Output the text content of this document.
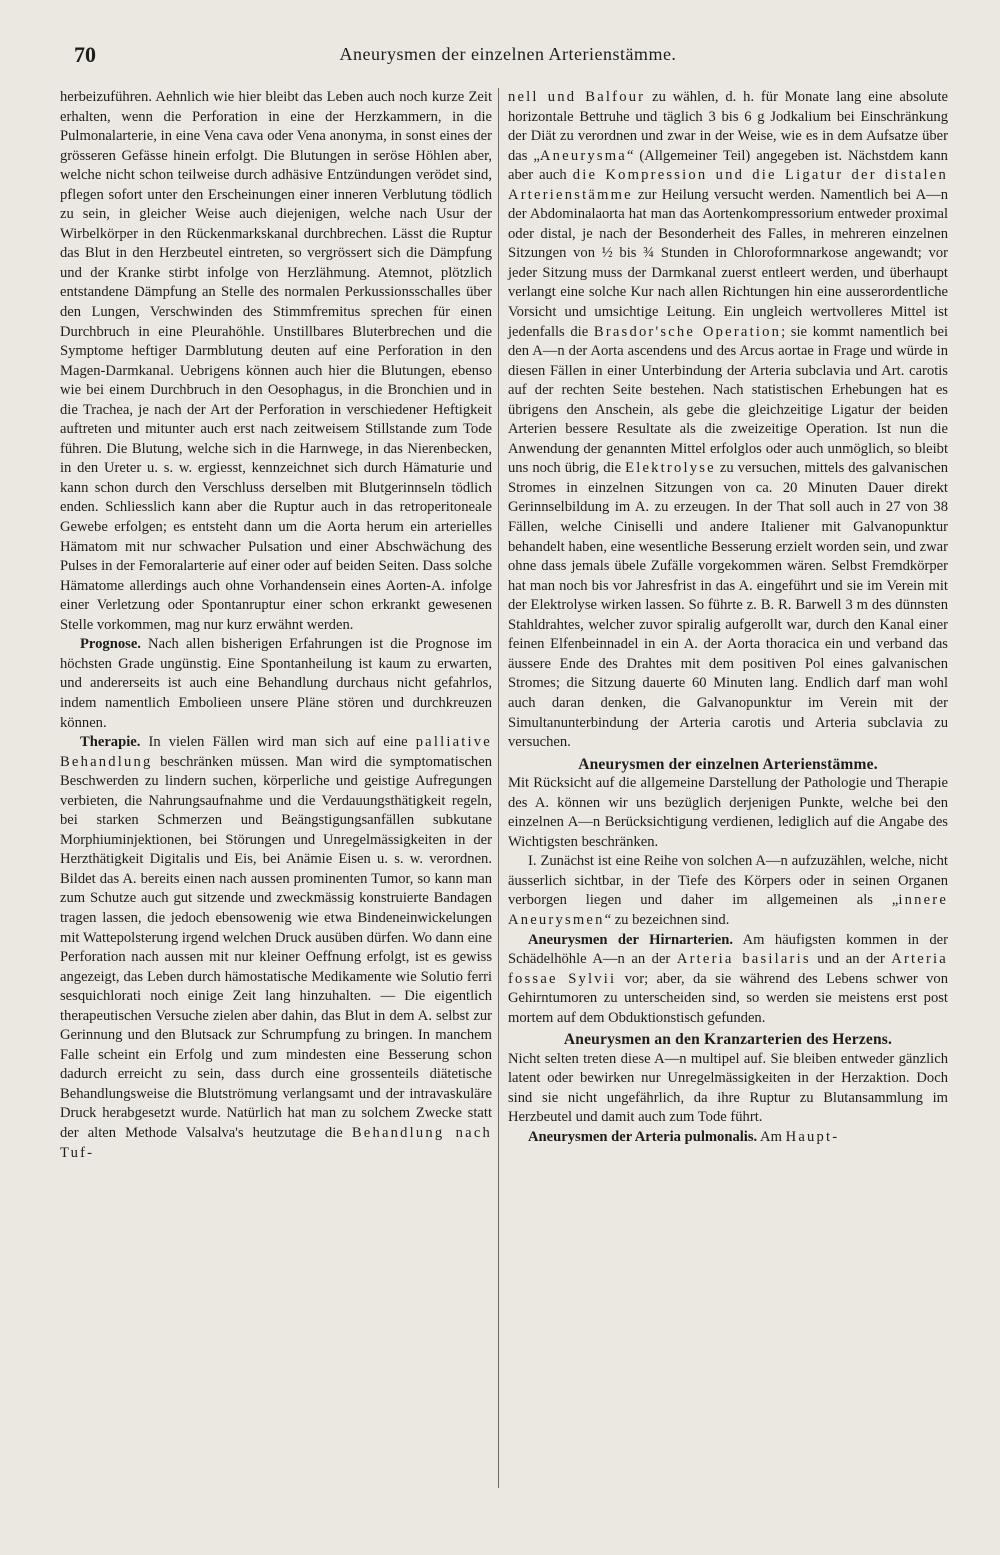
70	Aneurysmen der einzelnen Arterienstämme.

herbeizuführen. Aehnlich wie hier bleibt das Leben auch noch kurze Zeit erhalten, wenn die Perforation in eine der Herzkammern, in die Pulmonalarterie, in eine Vena cava oder Vena anonyma, in sonst eines der grösseren Gefässe hinein erfolgt. Die Blutungen in seröse Höhlen aber, welche nicht schon teilweise durch adhäsive Entzündungen verödet sind, pflegen sofort unter den Erscheinungen einer inneren Verblutung tödlich zu sein, in gleicher Weise auch diejenigen, welche nach Usur der Wirbelkörper in den Rückenmarkskanal durchbrechen. Lässt die Ruptur das Blut in den Herzbeutel eintreten, so vergrössert sich die Dämpfung und der Kranke stirbt infolge von Herzlähmung. Atemnot, plötzlich entstandene Dämpfung an Stelle des normalen Perkussionsschalles über den Lungen, Verschwinden des Stimmfremitus sprechen für einen Durchbruch in eine Pleurahöhle. Unstillbares Bluterbrechen und die Symptome heftiger Darmblutung deuten auf eine Perforation in den Magen-Darmkanal. Uebrigens können auch hier die Blutungen, ebenso wie bei einem Durchbruch in den Oesophagus, in die Bronchien und in die Trachea, je nach der Art der Perforation in verschiedener Heftigkeit auftreten und mitunter auch erst nach zeitweisem Stillstande zum Tode führen. Die Blutung, welche sich in die Harnwege, in das Nierenbecken, in den Ureter u. s. w. ergiesst, kennzeichnet sich durch Hämaturie und kann schon durch den Verschluss derselben mit Blutgerinnseln tödlich enden. Schliesslich kann aber die Ruptur auch in das retroperitoneale Gewebe erfolgen; es entsteht dann um die Aorta herum ein arterielles Hämatom mit nur schwacher Pulsation und einer Abschwächung des Pulses in der Femoralarterie auf einer oder auf beiden Seiten. Dass solche Hämatome allerdings auch ohne Vorhandensein eines Aorten-A. infolge einer Verletzung oder Spontanruptur einer schon erkrankt gewesenen Stelle vorkommen, mag nur kurz erwähnt werden.

Prognose. Nach allen bisherigen Erfahrungen ist die Prognose im höchsten Grade ungünstig. Eine Spontanheilung ist kaum zu erwarten, und andererseits ist auch eine Behandlung durchaus nicht gefahrlos, indem namentlich Embolieen unsere Pläne stören und durchkreuzen können.

Therapie. In vielen Fällen wird man sich auf eine palliative Behandlung beschränken müssen. Man wird die symptomatischen Beschwerden zu lindern suchen, körperliche und geistige Aufregungen verbieten, die Nahrungsaufnahme und die Verdauungsthätigkeit regeln, bei starken Schmerzen und Beängstigungsanfällen subkutane Morphiuminjektionen, bei Störungen und Unregelmässigkeiten in der Herzthätigkeit Digitalis und Eis, bei Anämie Eisen u. s. w. verordnen. Bildet das A. bereits einen nach aussen prominenten Tumor, so kann man zum Schutze auch gut sitzende und zweckmässig konstruierte Bandagen tragen lassen, die jedoch ebensowenig wie etwa Bindeneinwickelungen mit Wattepolsterung irgend welchen Druck ausüben dürfen. Wo dann eine Perforation nach aussen mit nur kleiner Oeffnung erfolgt, ist es gewiss angezeigt, das Leben durch hämostatische Medikamente wie Solutio ferri sesquichlorati noch einige Zeit lang hinzuhalten. — Die eigentlich therapeutischen Versuche zielen aber dahin, das Blut in dem A. selbst zur Gerinnung und den Blutsack zur Schrumpfung zu bringen. In manchem Falle scheint ein Erfolg und zum mindesten eine Besserung schon dadurch erreicht zu sein, dass durch eine grossenteils diätetische Behandlungsweise die Blutströmung verlangsamt und der intravaskuläre Druck herabgesetzt wurde. Natürlich hat man zu solchem Zwecke statt der alten Methode Valsalva's heutzutage die Behandlung nach Tuf-

nell und Balfour zu wählen, d. h. für Monate lang eine absolute horizontale Bettruhe und täglich 3 bis 6 g Jodkalium bei Einschränkung der Diät zu verordnen und zwar in der Weise, wie es in dem Aufsatze über das „Aneurysma“ (Allgemeiner Teil) angegeben ist. Nächstdem kann aber auch die Kompression und die Ligatur der distalen Arterienstämme zur Heilung versucht werden. Namentlich bei A—n der Abdominalaorta hat man das Aortenkompressorium entweder proximal oder distal, je nach der Besonderheit des Falles, in mehreren einzelnen Sitzungen von ½ bis ¾ Stunden in Chloroformnarkose angewandt; vor jeder Sitzung muss der Darmkanal zuerst entleert werden, und überhaupt verlangt eine solche Kur nach allen Richtungen hin eine ausserordentliche Vorsicht und umsichtige Leitung. Ein ungleich wertvolleres Mittel ist jedenfalls die Brasdor'sche Operation; sie kommt namentlich bei den A—n der Aorta ascendens und des Arcus aortae in Frage und würde in diesen Fällen in einer Unterbindung der Arteria subclavia und Art. carotis auf der rechten Seite bestehen. Nach statistischen Erhebungen hat es übrigens den Anschein, als gebe die gleichzeitige Ligatur der beiden Arterien bessere Resultate als die zweizeitige Operation. Ist nun die Anwendung der genannten Mittel erfolglos oder auch unmöglich, so bleibt uns noch übrig, die Elektrolyse zu versuchen, mittels des galvanischen Stromes in einzelnen Sitzungen von ca. 20 Minuten Dauer direkt Gerinnselbildung im A. zu erzeugen. In der That soll auch in 27 von 38 Fällen, welche Ciniselli und andere Italiener mit Galvanopunktur behandelt haben, eine wesentliche Besserung erzielt worden sein, und zwar ohne dass jemals übele Zufälle vorgekommen wären. Selbst Fremdkörper hat man noch bis vor Jahresfrist in das A. eingeführt und sie im Verein mit der Elektrolyse wirken lassen. So führte z. B. R. Barwell 3 m des dünnsten Stahldrahtes, welcher zuvor spiralig aufgerollt war, durch den Kanal einer feinen Elfenbeinnadel in ein A. der Aorta thoracica ein und verband das äussere Ende des Drahtes mit dem positiven Pol eines galvanischen Stromes; die Sitzung dauerte 60 Minuten lang. Endlich darf man wohl auch daran denken, die Galvanopunktur im Verein mit der Simultanunterbindung der Arteria carotis und Arteria subclavia zu versuchen.

Aneurysmen der einzelnen Arterienstämme.

Mit Rücksicht auf die allgemeine Darstellung der Pathologie und Therapie des A. können wir uns bezüglich derjenigen Punkte, welche bei den einzelnen A—n Berücksichtigung verdienen, lediglich auf die Angabe des Wichtigsten beschränken.

I. Zunächst ist eine Reihe von solchen A—n aufzuzählen, welche, nicht äusserlich sichtbar, in der Tiefe des Körpers oder in seinen Organen verborgen liegen und daher im allgemeinen als „innere Aneurysmen“ zu bezeichnen sind.

Aneurysmen der Hirnarterien. Am häufigsten kommen in der Schädelhöhle A—n an der Arteria basilaris und an der Arteria fossae Sylvii vor; aber, da sie während des Lebens schwer von Gehirntumoren zu unterscheiden sind, so werden sie meistens erst post mortem auf dem Obduktionstisch gefunden.

Aneurysmen an den Kranzarterien des Herzens.

Nicht selten treten diese A—n multipel auf. Sie bleiben entweder gänzlich latent oder bewirken nur Unregelmässigkeiten in der Herzaktion. Doch sind sie nicht ungefährlich, da ihre Ruptur zu Blutansammlung im Herzbeutel und damit auch zum Tode führt.

Aneurysmen der Arteria pulmonalis. Am Haupt-
